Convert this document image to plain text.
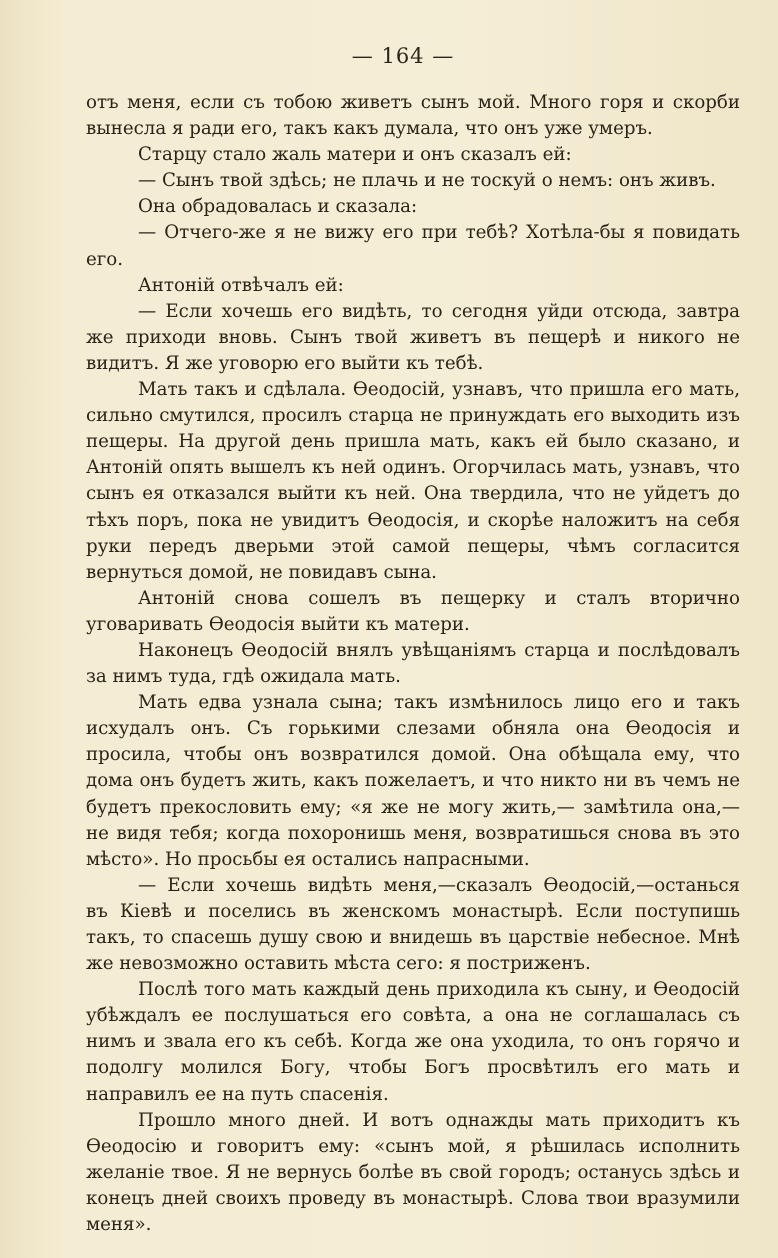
— 164 —

отъ меня, если съ тобою живетъ сынъ мой. Много горя и скорби вынесла я ради его, такъ какъ думала, что онъ уже умеръ.

Старцу стало жаль матери и онъ сказалъ ей:

— Сынъ твой здѣсь; не плачь и не тоскуй о немъ: онъ живъ.

Она обрадовалась и сказала:

— Отчего-же я не вижу его при тебѣ? Хотѣла-бы я повидать его.

Антоній отвѣчалъ ей:

— Если хочешь его видѣть, то сегодня уйди отсюда, завтра же приходи вновь. Сынъ твой живетъ въ пещерѣ и никого не видитъ. Я же уговорю его выйти къ тебѣ.

Мать такъ и сдѣлала. Ѳеодосій, узнавъ, что пришла его мать, сильно смутился, просилъ старца не принуждать его выходить изъ пещеры. На другой день пришла мать, какъ ей было сказано, и Антоній опять вышелъ къ ней одинъ. Огорчилась мать, узнавъ, что сынъ ея отказался выйти къ ней. Она твердила, что не уйдетъ до тѣхъ поръ, пока не увидитъ Ѳеодосія, и скорѣе наложитъ на себя руки передъ дверьми этой самой пещеры, чѣмъ согласится вернуться домой, не повидавъ сына.

Антоній снова сошелъ въ пещерку и сталъ вторично уговаривать Ѳеодосія выйти къ матери.

Наконецъ Ѳеодосій внялъ увѣщаніямъ старца и послѣдовалъ за нимъ туда, гдѣ ожидала мать.

Мать едва узнала сына; такъ измѣнилось лицо его и такъ исхудалъ онъ. Съ горькими слезами обняла она Ѳеодосія и просила, чтобы онъ возвратился домой. Она обѣщала ему, что дома онъ будетъ жить, какъ пожелаетъ, и что никто ни въ чемъ не будетъ прекословить ему; «я же не могу жить,— замѣтила она,— не видя тебя; когда похоронишь меня, возвратишься снова въ это мѣсто». Но просьбы ея остались напрасными.

— Если хочешь видѣть меня,—сказалъ Ѳеодосій,—останься въ Кіевѣ и поселись въ женскомъ монастырѣ. Если поступишь такъ, то спасешь душу свою и внидешь въ царствіе небесное. Мнѣ же невозможно оставить мѣста сего: я постриженъ.

Послѣ того мать каждый день приходила къ сыну, и Ѳеодосій убѣждалъ ее послушаться его совѣта, а она не соглашалась съ нимъ и звала его къ себѣ. Когда же она уходила, то онъ горячо и подолгу молился Богу, чтобы Богъ просвѣтилъ его мать и направилъ ее на путь спасенія.

Прошло много дней. И вотъ однажды мать приходитъ къ Ѳеодосію и говоритъ ему: «сынъ мой, я рѣшилась исполнить желаніе твое. Я не вернусь болѣе въ свой городъ; останусь здѣсь и конецъ дней своихъ проведу въ монастырѣ. Слова твои вразумили меня».
